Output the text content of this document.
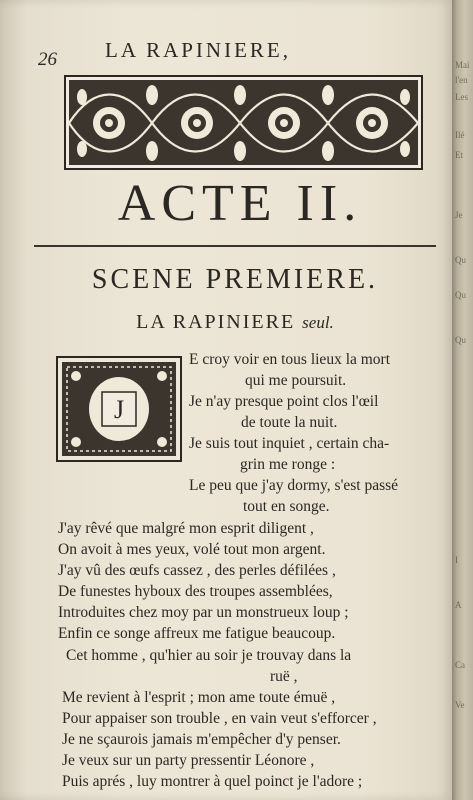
26 LA RAPINIERE,
ACTE II.
SCENE PREMIERE.
LA RAPINIERE seul.
J
E croy voir en tous lieux la mort
qui me poursuit.
Je n'ay presque point clos l'œil
de toute la nuit.
Je suis tout inquiet , certain cha-
grin me ronge :
Le peu que j'ay dormy, s'est passé
tout en songe.
J'ay rêvé que malgré mon esprit diligent ,
On avoit à mes yeux, volé tout mon argent.
J'ay vû des œufs cassez , des perles défilées ,
De funestes hyboux des troupes assemblées,
Introduites chez moy par un monstrueux loup ;
Enfin ce songe affreux me fatigue beaucoup.
Cet homme , qu'hier au soir je trouvay dans la
ruë ,
Me revient à l'esprit ; mon ame toute émuë ,
Pour appaiser son trouble , en vain veut s'efforcer ,
Je ne sçaurois jamais m'empêcher d'y penser.
Je veux sur un party pressentir Léonore ,
Puis aprés , luy montrer à quel poinct je l'adore ;
Mai
l'en
Les
Ilé
Et
Je
Qu
Qu
Qu
I
A
Ca
Ve
